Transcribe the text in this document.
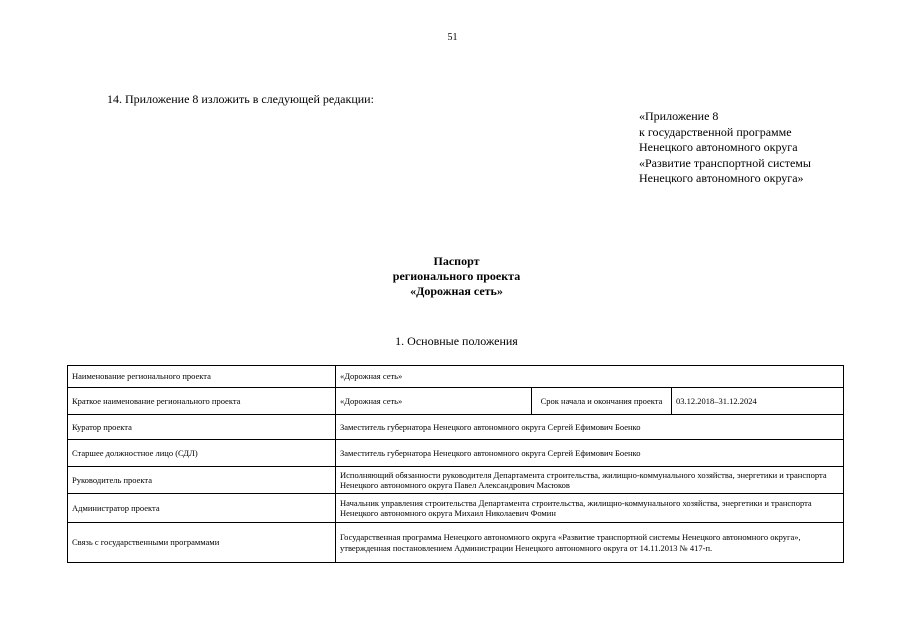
51
14. Приложение 8 изложить в следующей редакции:
«Приложение 8
к государственной программе
Ненецкого автономного округа
«Развитие транспортной системы
Ненецкого автономного округа»
Паспорт
регионального проекта
«Дорожная сеть»
1. Основные положения
Наименование регионального проекта	«Дорожная сеть»		
Краткое наименование регионального проекта	«Дорожная сеть»	Срок начала и окончания проекта	03.12.2018–31.12.2024
Куратор проекта	Заместитель губернатора Ненецкого автономного округа Сергей Ефимович Боенко		
Старшее должностное лицо (СДЛ)	Заместитель губернатора Ненецкого автономного округа Сергей Ефимович Боенко		
Руководитель проекта	Исполняющий обязанности руководителя Департамента строительства, жилищно-коммунального хозяйства, энергетики и транспорта Ненецкого автономного округа Павел Александрович Масюков		
Администратор проекта	Начальник управления строительства Департамента строительства, жилищно-коммунального хозяйства, энергетики и транспорта Ненецкого автономного округа Михаил Николаевич Фомин		
Связь с государственными программами	Государственная программа Ненецкого автономного округа «Развитие транспортной системы Ненецкого автономного округа», утвержденная постановлением Администрации Ненецкого автономного округа от 14.11.2013 № 417-п.		
